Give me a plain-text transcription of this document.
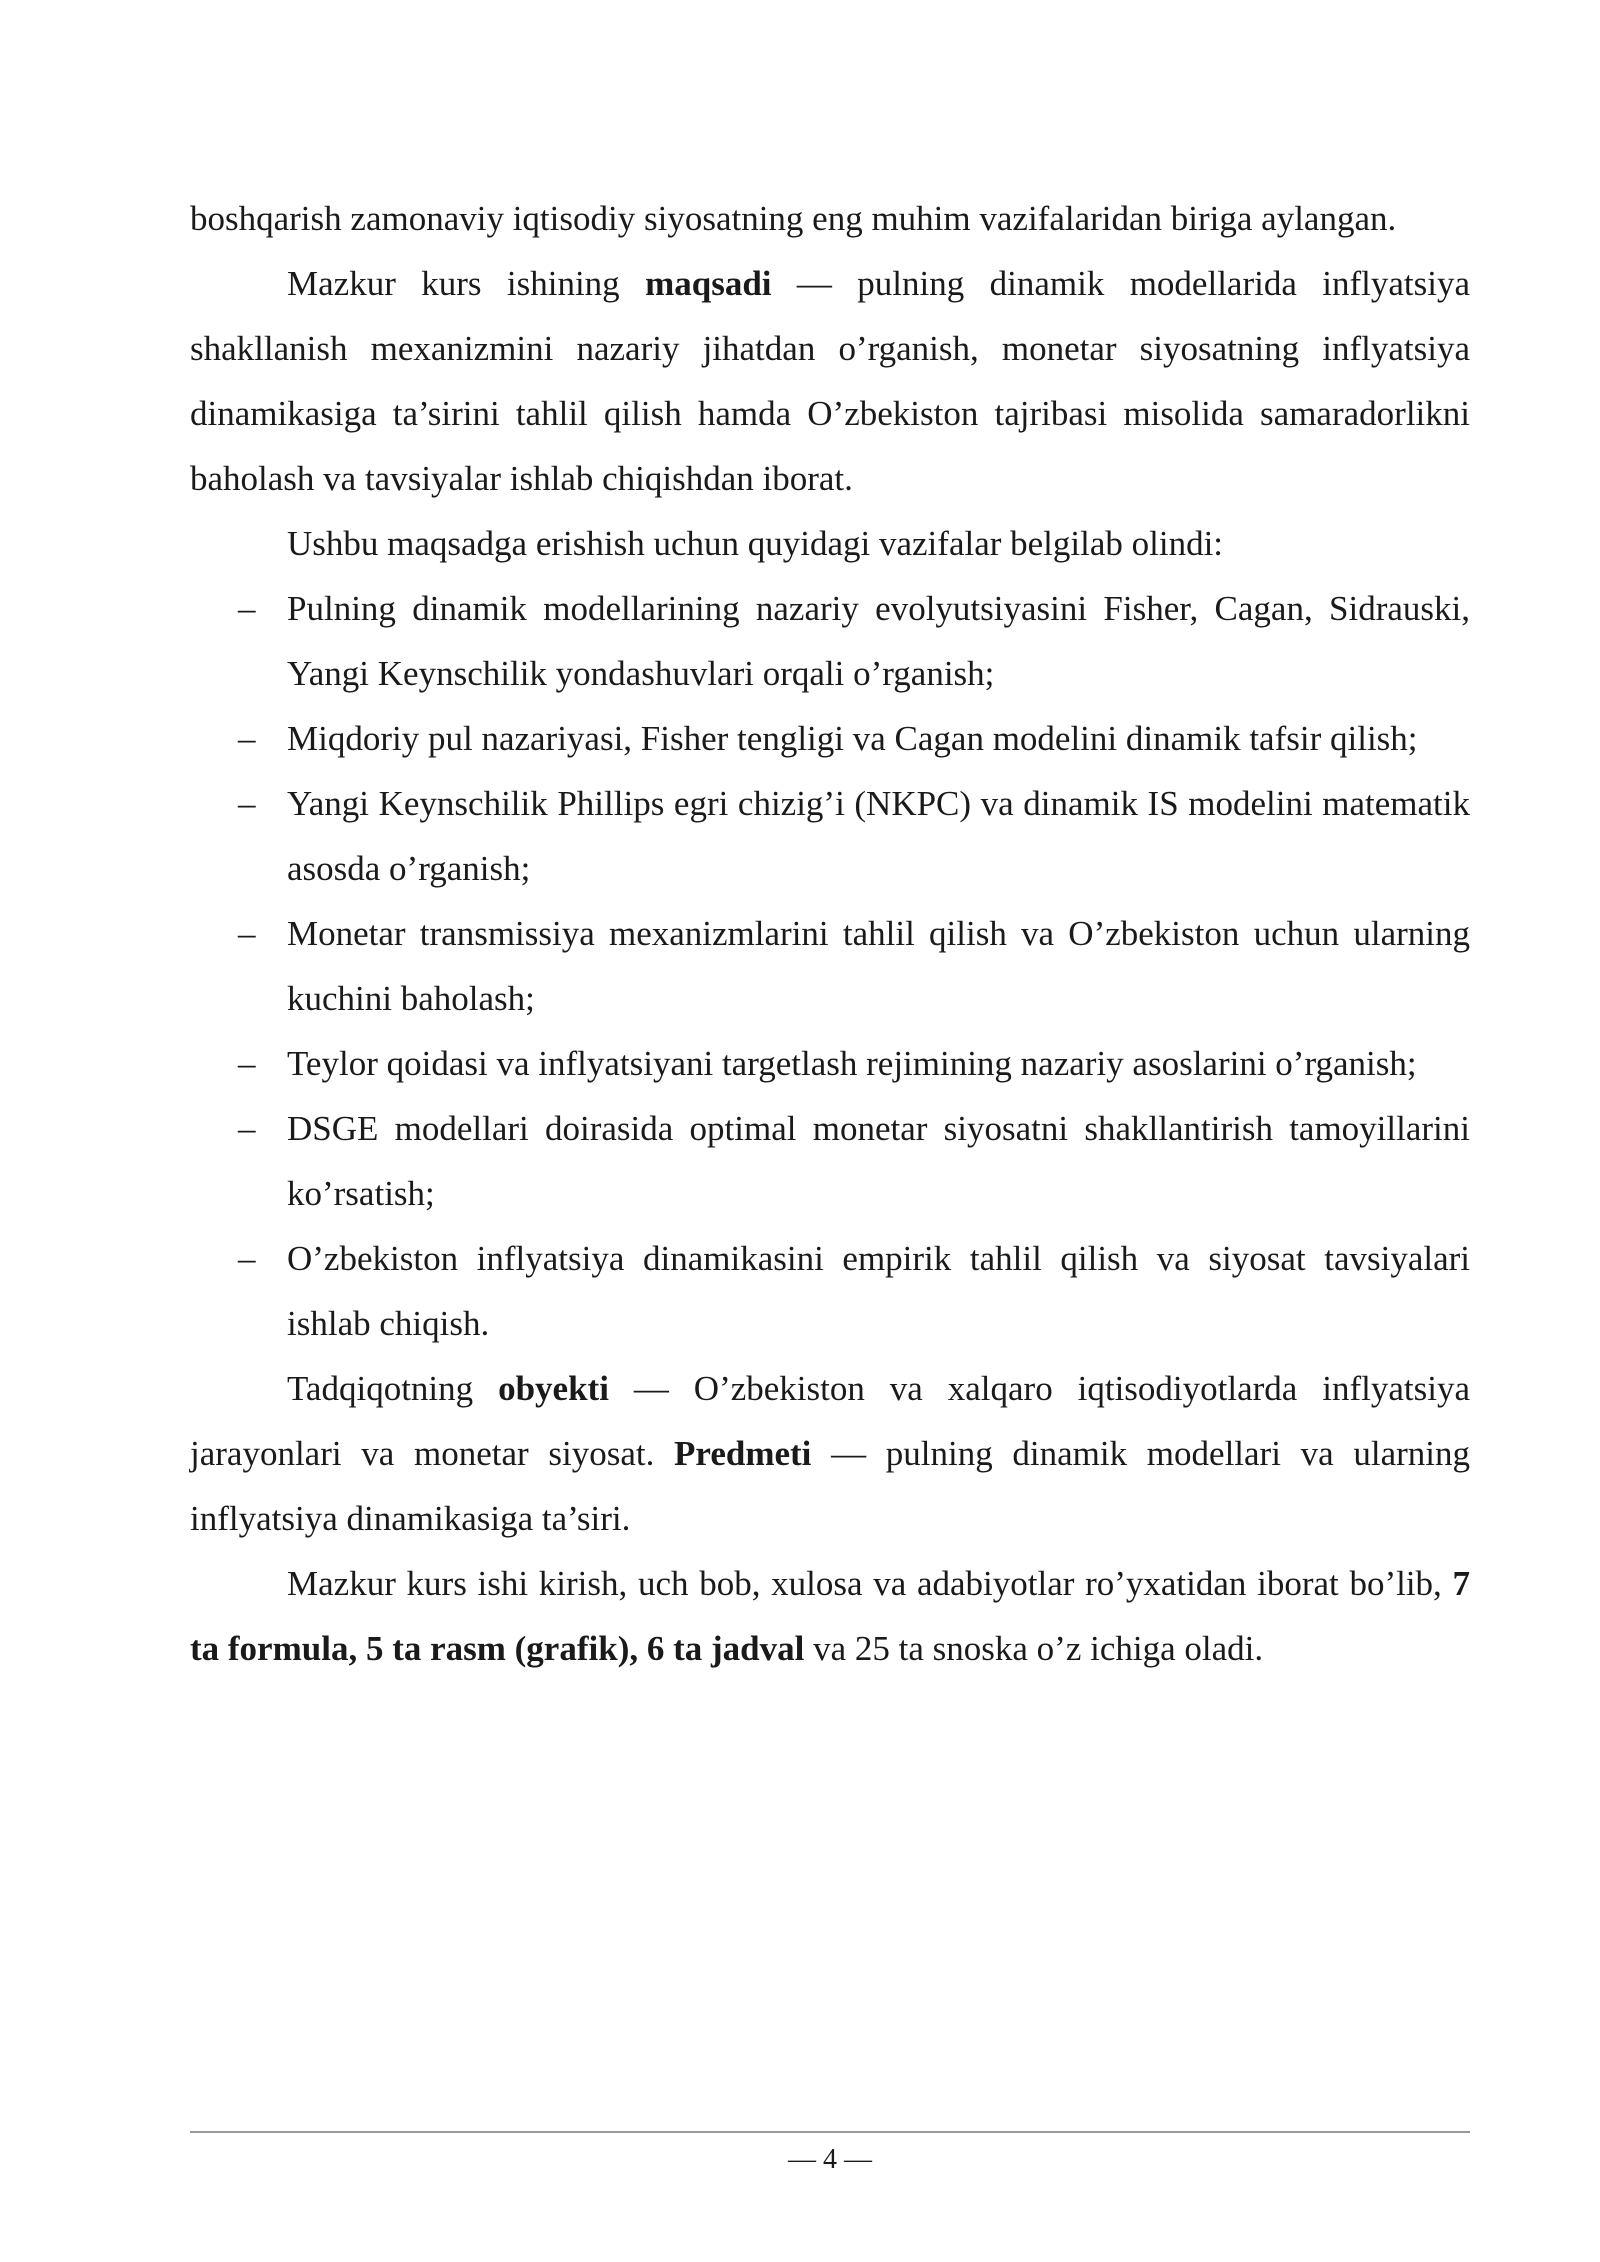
boshqarish zamonaviy iqtisodiy siyosatning eng muhim vazifalaridan biriga aylangan.

Mazkur kurs ishining maqsadi — pulning dinamik modellarida inflyatsiya shakllanish mexanizmini nazariy jihatdan o’rganish, monetar siyosatning inflyatsiya dinamikasiga ta’sirini tahlil qilish hamda O’zbekiston tajribasi misolida samaradorlikni baholash va tavsiyalar ishlab chiqishdan iborat.

Ushbu maqsadga erishish uchun quyidagi vazifalar belgilab olindi:

– Pulning dinamik modellarining nazariy evolyutsiyasini Fisher, Cagan, Sidrauski, Yangi Keynschilik yondashuvlari orqali o’rganish;
– Miqdoriy pul nazariyasi, Fisher tengligi va Cagan modelini dinamik tafsir qilish;
– Yangi Keynschilik Phillips egri chizig’i (NKPC) va dinamik IS modelini matematik asosda o’rganish;
– Monetar transmissiya mexanizmlarini tahlil qilish va O’zbekiston uchun ularning kuchini baholash;
– Teylor qoidasi va inflyatsiyani targetlash rejimining nazariy asoslarini o’rganish;
– DSGE modellari doirasida optimal monetar siyosatni shakllantirish tamoyillarini ko’rsatish;
– O’zbekiston inflyatsiya dinamikasini empirik tahlil qilish va siyosat tavsiyalari ishlab chiqish.

Tadqiqotning obyekti — O’zbekiston va xalqaro iqtisodiyotlarda inflyatsiya jarayonlari va monetar siyosat. Predmeti — pulning dinamik modellari va ularning inflyatsiya dinamikasiga ta’siri.

Mazkur kurs ishi kirish, uch bob, xulosa va adabiyotlar ro’yxatidan iborat bo’lib, 7 ta formula, 5 ta rasm (grafik), 6 ta jadval va 25 ta snoska o’z ichiga oladi.

— 4 —
